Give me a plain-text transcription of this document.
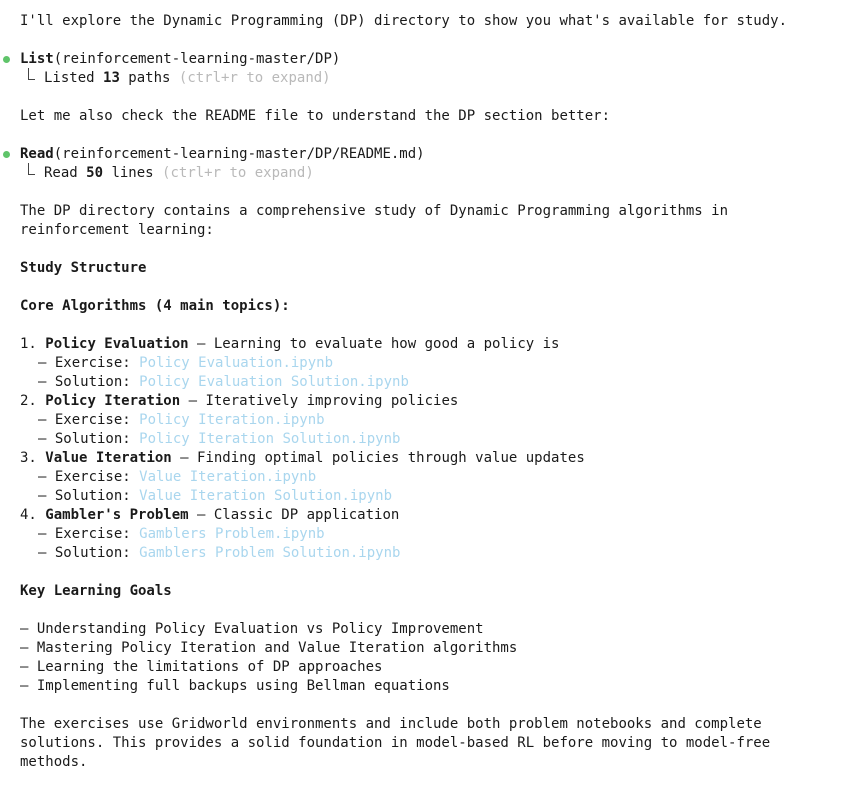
I'll explore the Dynamic Programming (DP) directory to show you what's available for study.
List(reinforcement-learning-master/DP)
Listed 13 paths (ctrl+r to expand)
Let me also check the README file to understand the DP section better:
Read(reinforcement-learning-master/DP/README.md)
Read 50 lines (ctrl+r to expand)
The DP directory contains a comprehensive study of Dynamic Programming algorithms in
reinforcement learning:
Study Structure
Core Algorithms (4 main topics):
1. Policy Evaluation – Learning to evaluate how good a policy is
– Exercise: Policy Evaluation.ipynb
– Solution: Policy Evaluation Solution.ipynb
2. Policy Iteration – Iteratively improving policies
– Exercise: Policy Iteration.ipynb
– Solution: Policy Iteration Solution.ipynb
3. Value Iteration – Finding optimal policies through value updates
– Exercise: Value Iteration.ipynb
– Solution: Value Iteration Solution.ipynb
4. Gambler's Problem – Classic DP application
– Exercise: Gamblers Problem.ipynb
– Solution: Gamblers Problem Solution.ipynb
Key Learning Goals
– Understanding Policy Evaluation vs Policy Improvement
– Mastering Policy Iteration and Value Iteration algorithms
– Learning the limitations of DP approaches
– Implementing full backups using Bellman equations
The exercises use Gridworld environments and include both problem notebooks and complete
solutions. This provides a solid foundation in model-based RL before moving to model-free
methods.
